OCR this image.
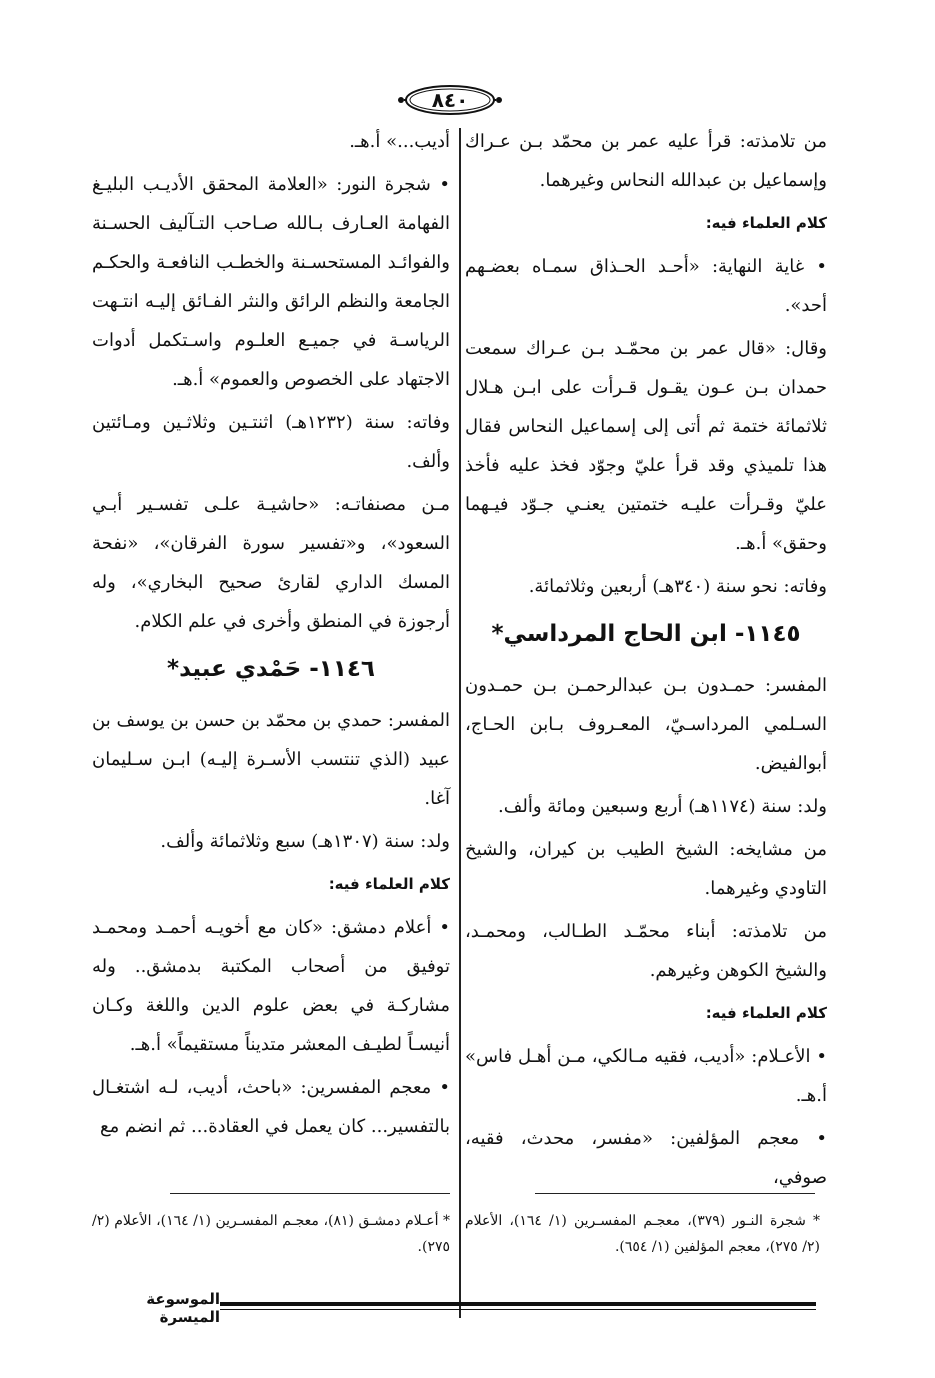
٨٤٠

من تلامذته: قرأ عليه عمر بن محمّد بـن عـراك وإسماعيل بن عبدالله النحاس وغيرهما.

كلام العلماء فيه:

• غاية النهاية: «أحـد الحـذاق سمـاه بعضـهم أحد».

وقال: «قال عمر بن محمّـد بـن عـراك سمعت حمدان بـن عـون يقـول قـرأت على ابـن هـلال ثلاثمائة ختمة ثم أتى إلى إسماعيل النحاس فقال هذا تلميذي وقد قرأ عليّ وجوّد فخذ عليه فأخذ عليّ وقـرأت عليـه ختمتين يعنـي جـوّد فيـهما وحقق» أ.هـ.

وفاته: نحو سنة (٣٤٠هـ) أربعين وثلاثمائة.

١١٤٥- ابن الحاج المرداسي*

المفسر: حمـدون بـن عبدالرحمـن بـن حمـدون السـلمي المرداسـيّ، المعـروف بـابن الحـاج، أبوالفيض.

ولد: سنة (١١٧٤هـ) أربع وسبعين ومائة وألف.

من مشايخه: الشيخ الطيب بن كيران، والشيخ التاودي وغيرهما.

من تلامذته: أبناء محمّـد الطـالب، ومحمـد، والشيخ الكوهن وغيرهم.

كلام العلماء فيه:

• الأعـلام: «أديب، فقيه مـالكي، مـن أهـل فاس» أ.هـ.

• معجم المؤلفين: «مفسر، محدث، فقيه، صوفي،

أديب...» أ.هـ.

• شجرة النور: «العلامة المحقق الأديـب البليـغ الفهامة العـارف بـالله صـاحب التـآليف الحسـنة والفوائـد المستحسـنة والخطـب النافعـة والحكـم الجامعة والنظم الرائق والنثر الفـائق إليـه انتـهت الرياسـة في جميـع العلـوم واسـتكمل أدوات الاجتهاد على الخصوص والعموم» أ.هـ.

وفاته: سنة (١٢٣٢هـ) اثنتـين وثلاثـين ومـائتين وألف.

مـن مصنفاتـه: «حاشيـة علـى تفسـير أبـي السعود»، و«تفسير سورة الفرقان»، «نفحة المسك الداري لقارئ صحيح البخاري»، وله أرجوزة في المنطق وأخرى في علم الكلام.

١١٤٦- حَمْدي عبيد*

المفسر: حمدي بن محمّد بن حسن بن يوسف بن عبيد (الذي تنتسب الأسـرة إليـه) ابـن سـليمان آغا.

ولد: سنة (١٣٠٧هـ) سبع وثلاثمائة وألف.

كلام العلماء فيه:

• أعلام دمشق: «كان مع أخويـه أحمـد ومحمـد توفيق من أصحاب المكتبة بدمشق.. وله مشاركـة في بعض علوم الدين واللغة وكـان أنيسـاً لطيـف المعشر متديناً مستقيماً» أ.هـ.

• معجم المفسرين: «باحث، أديب، لـه اشتغـال بالتفسير... كان يعمل في العقادة... ثم انضم مع

* شجرة النـور (٣٧٩)، معجـم المفسـرين (١/ ١٦٤)، الأعلام (٢/ ٢٧٥)، معجم المؤلفين (١/ ٦٥٤).
* أعـلام دمشـق (٨١)، معجـم المفسـرين (١/ ١٦٤)، الأعلام (٢/ ٢٧٥).
الموسوعة الميسرة
